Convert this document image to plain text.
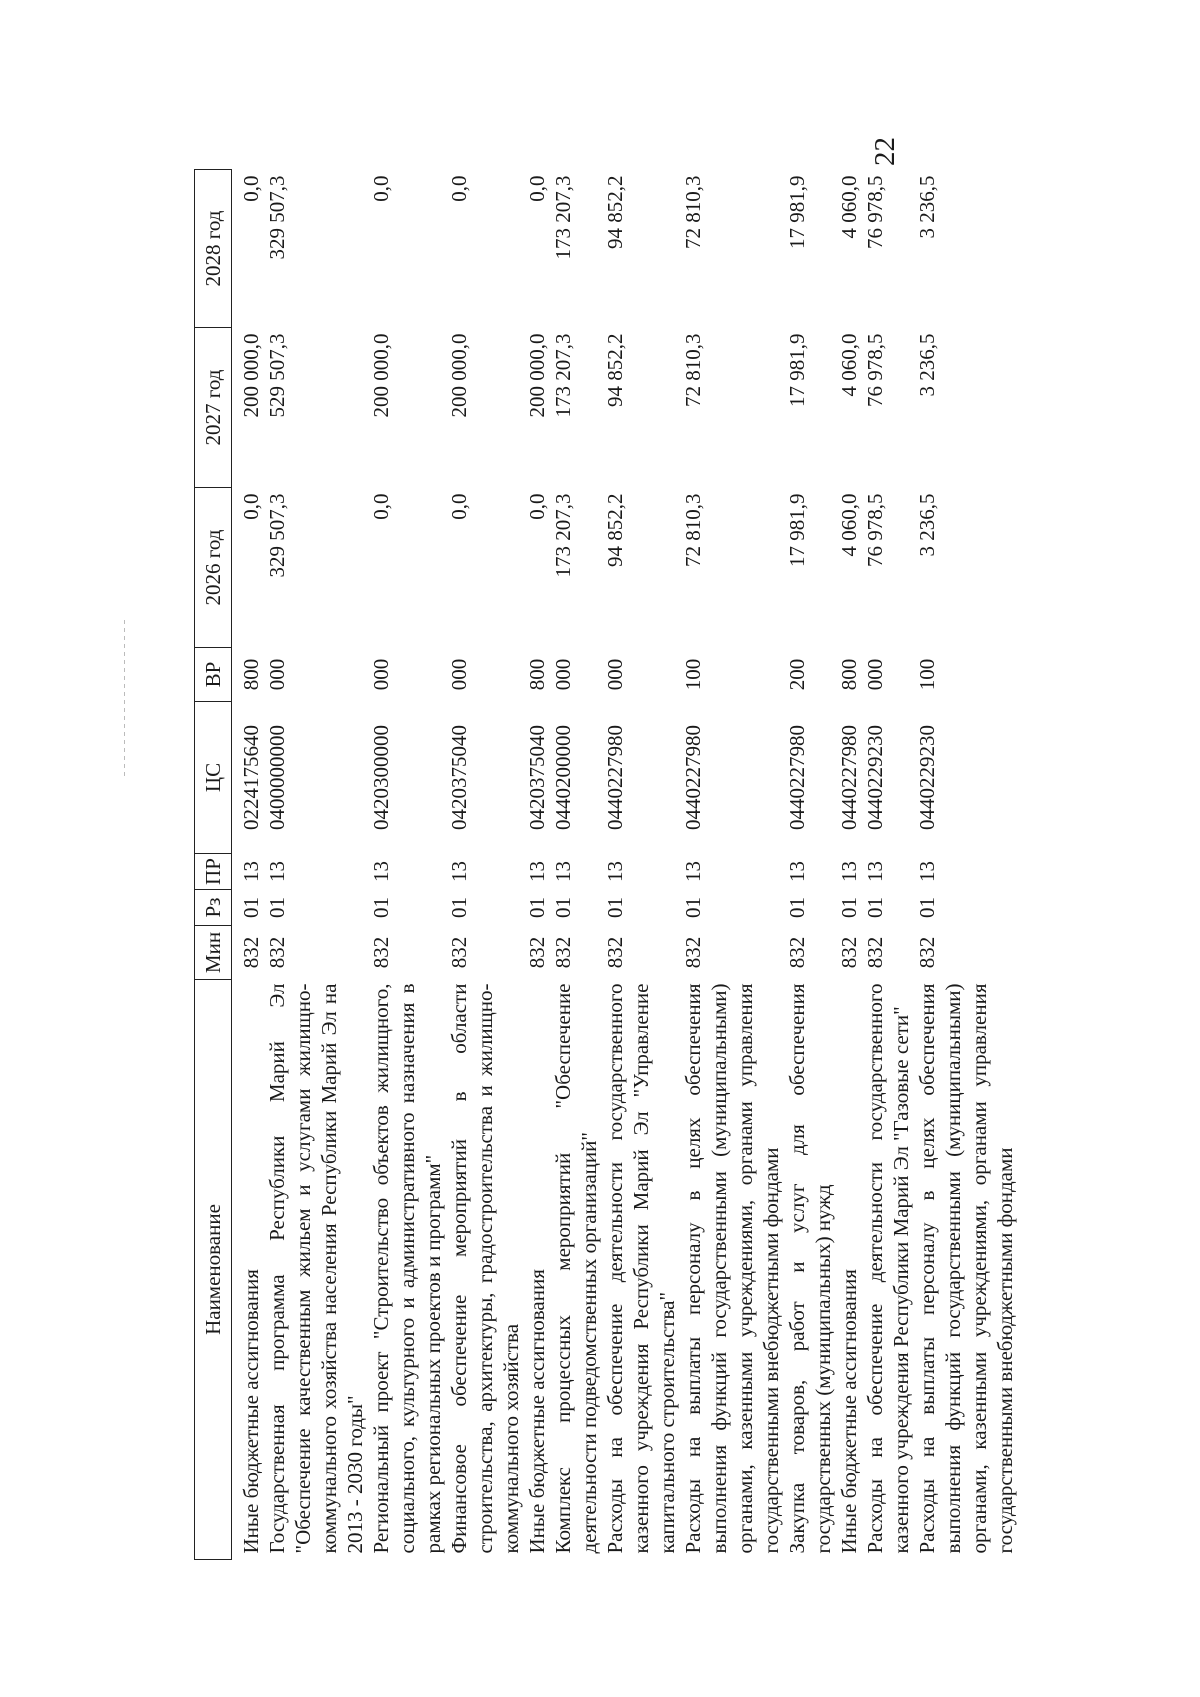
22
Наименование	Мин	Рз	ПР	ЦС	ВР	2026 год	2027 год	2028 год
Иные бюджетные ассигнования	832	01	13	0224175640	800	0,0	200 000,0	0,0
Государственная программа Республики Марий Эл "Обеспечение качественным жильем и услугами жилищно-коммунального хозяйства населения Республики Марий Эл на 2013 - 2030 годы"	832	01	13	0400000000	000	329 507,3	529 507,3	329 507,3
Региональный проект "Строительство объектов жилищного, социального, культурного и административного назначения в рамках региональных проектов и программ"	832	01	13	0420300000	000	0,0	200 000,0	0,0
Финансовое обеспечение мероприятий в области строительства, архитектуры, градостроительства и жилищно-коммунального хозяйства	832	01	13	0420375040	000	0,0	200 000,0	0,0
Иные бюджетные ассигнования	832	01	13	0420375040	800	0,0	200 000,0	0,0
Комплекс процессных мероприятий "Обеспечение деятельности подведомственных организаций"	832	01	13	0440200000	000	173 207,3	173 207,3	173 207,3
Расходы на обеспечение деятельности государственного казенного учреждения Республики Марий Эл "Управление капитального строительства"	832	01	13	0440227980	000	94 852,2	94 852,2	94 852,2
Расходы на выплаты персоналу в целях обеспечения выполнения функций государственными (муниципальными) органами, казенными учреждениями, органами управления государственными внебюджетными фондами	832	01	13	0440227980	100	72 810,3	72 810,3	72 810,3
Закупка товаров, работ и услуг для обеспечения государственных (муниципальных) нужд	832	01	13	0440227980	200	17 981,9	17 981,9	17 981,9
Иные бюджетные ассигнования	832	01	13	0440227980	800	4 060,0	4 060,0	4 060,0
Расходы на обеспечение деятельности государственного казенного учреждения Республики Марий Эл "Газовые сети"	832	01	13	0440229230	000	76 978,5	76 978,5	76 978,5
Расходы на выплаты персоналу в целях обеспечения выполнения функций государственными (муниципальными) органами, казенными учреждениями, органами управления государственными внебюджетными фондами	832	01	13	0440229230	100	3 236,5	3 236,5	3 236,5
